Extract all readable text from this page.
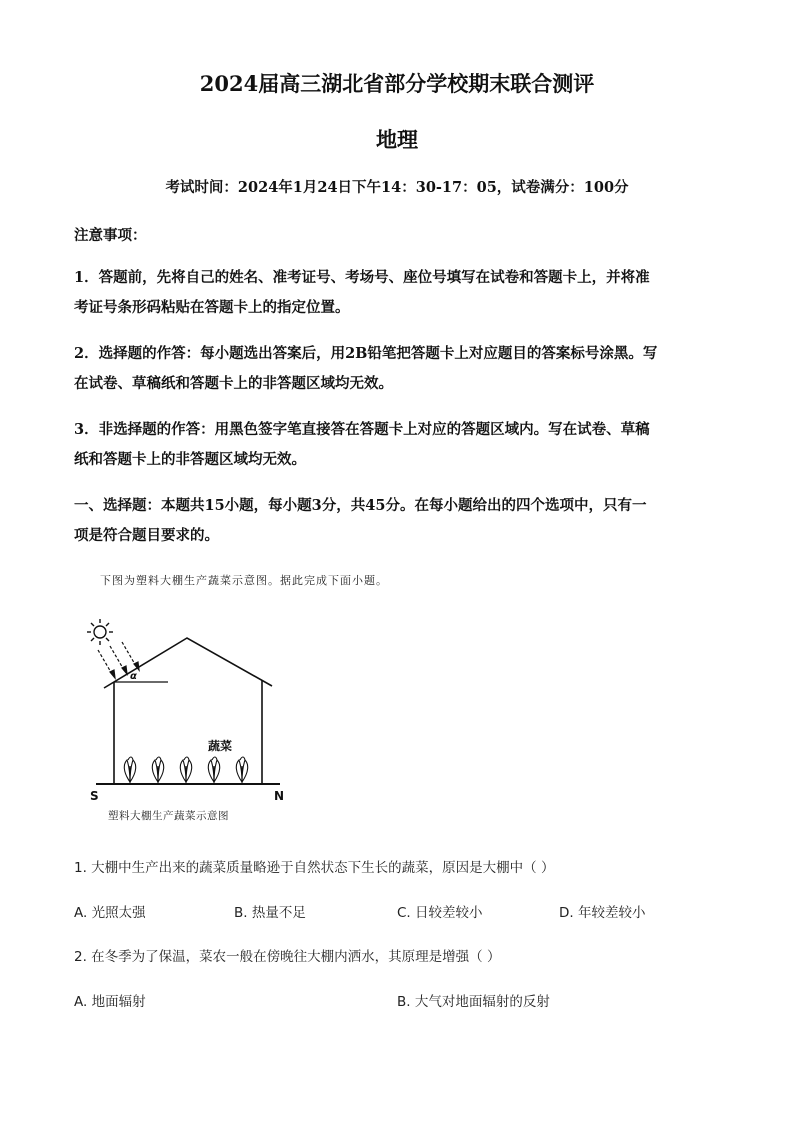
2024届高三湖北省部分学校期末联合测评
地理
考试时间：2024年1月24日下午14：30-17：05，试卷满分：100分
注意事项：
1．答题前，先将自己的姓名、准考证号、考场号、座位号填写在试卷和答题卡上，并将准
考证号条形码粘贴在答题卡上的指定位置。
2．选择题的作答：每小题选出答案后，用2B铅笔把答题卡上对应题目的答案标号涂黑。写
在试卷、草稿纸和答题卡上的非答题区域均无效。
3．非选择题的作答：用黑色签字笔直接答在答题卡上对应的答题区域内。写在试卷、草稿
纸和答题卡上的非答题区域均无效。
一、选择题：本题共15小题，每小题3分，共45分。在每小题给出的四个选项中，只有一
项是符合题目要求的。
下图为塑料大棚生产蔬菜示意图。据此完成下面小题。
α
蔬菜
S	N
塑料大棚生产蔬菜示意图
1. 大棚中生产出来的蔬菜质量略逊于自然状态下生长的蔬菜，原因是大棚中（ ）
A. 光照太强	B. 热量不足	C. 日较差较小	D. 年较差较小
2. 在冬季为了保温，菜农一般在傍晚往大棚内洒水，其原理是增强（ ）
A. 地面辐射	B. 大气对地面辐射的反射
